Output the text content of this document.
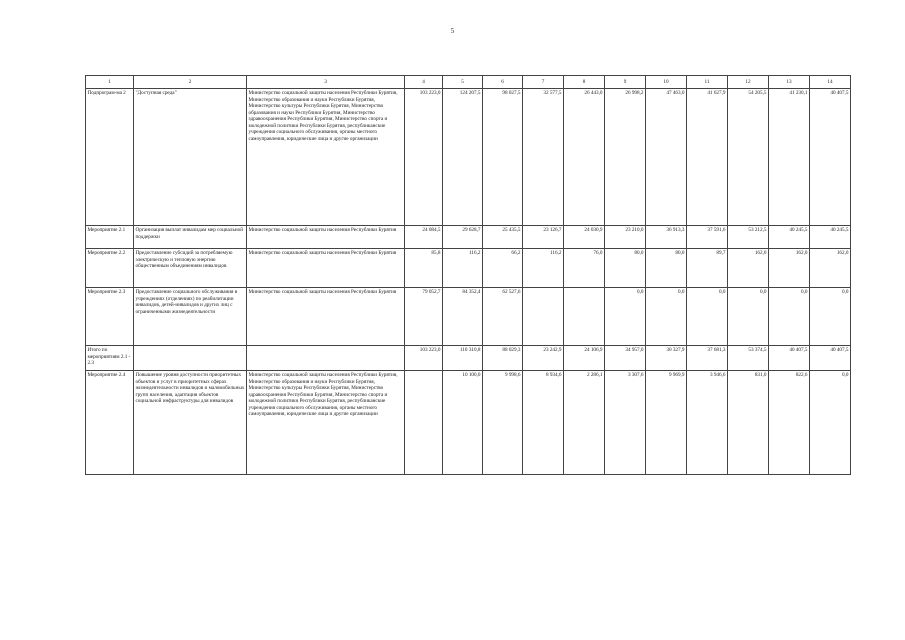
5
1	2	3	4	5	6	7	8	9	10	11	12	13	14
Подпрограм-ма 2	"Доступная среда"	Министерство социальной защиты населения Республики Бурятия, Министерство образования и науки Республики Бурятия, Министерство культуры Республики Бурятия, Министерство образования и науки Республики Бурятия, Министерство здравоохранения Республики Бурятия, Министерство спорта и молодежной политики Республики Бурятия, республиканские учреждения социального обслуживания, органы местного самоуправления, юридические лица и другие организации	103 223,0	124 207,5	98 027,5	32 577,5	26 443,0	26 998,2	47 463,0	41 627,9	54 205,5	41 230,1	40 407,5
Мероприятие 2.1	Организация выплат инвалидам мер социальной поддержки	Министерство социальной защиты населения Республики Бурятия	24 084,5	29 628,7	25 435,5	23 126,7	24 030,9	23 210,0	36 913,3	37 591,6	53 212,5	40 245,5	40 245,5
Мероприятие 2.2	Предоставление субсидий за потребляемую электрическую и тепловую энергию общественным объединениям инвалидов	Министерство социальной защиты населения Республики Бурятия	85,8	116,2	66,2	116,2	76,0	80,0	80,0	89,7	162,0	162,0	162,0
Мероприятие 2.3	Предоставление социального обслуживания в учреждениях (отделениях) по реабилитации инвалидов, детей-инвалидов и других лиц с ограниченными жизнедеятельности	Министерство социальной защиты населения Республики Бурятия	79 052,7	84 352,4	62 527,6			0,0	0,0	0,0	0,0	0,0	0,0
Итого по мероприятиям 2.1 - 2.3			103 223,0	110 310,8	88 029,3	23 242,9	24 106,9	34 957,0	30 327,9	37 681,3	53 374,5	40 407,5	40 407,5
Мероприятие 2.4	Повышение уровня доступности приоритетных объектов и услуг в приоритетных сферах жизнедеятельности инвалидов и маломобильных групп населения, адаптация объектов социальной инфраструктуры для инвалидов	Министерство социальной защиты населения Республики Бурятия, Министерство образования и науки Республики Бурятия, Министерство культуры Республики Бурятия, Министерство здравоохранения Республики Бурятия, Министерство спорта и молодежной политики Республики Бурятия, республиканские учреждения социального обслуживания, органы местного самоуправления, юридические лица и другие организации		10 100,0	9 998,6	8 934,6	2 286,1	3 307,6	9 969,9	3 946,6	831,0	822,6	0,0
